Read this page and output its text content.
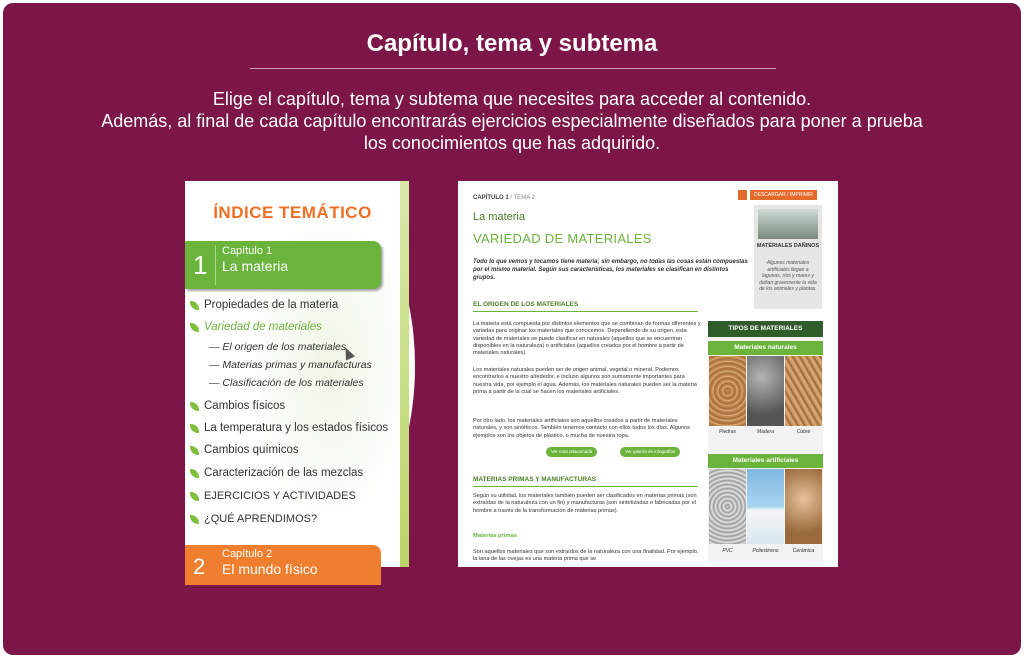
Capítulo, tema y subtema
Elige el capítulo, tema y subtema que necesites para acceder al contenido.
Además, al final de cada capítulo encontrarás ejercicios especialmente diseñados para poner a prueba
los conocimientos que has adquirido.
ÍNDICE TEMÁTICO
1 Capítulo 1
La materia
Propiedades de la materia
Variedad de materiales
— El origen de los materiales
— Materias primas y manufacturas
— Clasificación de los materiales
Cambios físicos
La temperatura y los estados físicos
Cambios químicos
Caracterización de las mezclas
EJERCICIOS Y ACTIVIDADES
¿QUÉ APRENDIMOS?
2 Capítulo 2
El mundo físico
CAPÍTULO 1 / TEMA 2	DESCARGAR / IMPRIMIR
La materia
VARIEDAD DE MATERIALES	MATERIALES DAÑINOS
Algunos materiales artificiales llegan a lagunas, ríos y mares y dañan gravemente la vida de los animales y plantas.
Todo lo que vemos y tocamos tiene materia; sin embargo, no todas las cosas están compuestas por el mismo material. Según sus características, los materiales se clasifican en distintos grupos.
EL ORIGEN DE LOS MATERIALES
La materia está compuesta por distintos elementos que se combinan de formas diferentes y variadas para originar los materiales que conocemos. Dependiendo de su origen, esta variedad de materiales se puede clasificar en naturales (aquellos que se encuentran disponibles en la naturaleza) o artificiales (aquellos creados por el hombre a partir de materiales naturales).
Los materiales naturales pueden ser de origen animal, vegetal o mineral. Podemos encontrarlos a nuestro alrededor, e incluso algunos son sumamente importantes para nuestra vida, por ejemplo el agua. Además, los materiales naturales pueden ser la materia prima a partir de la cual se hacen los materiales artificiales.
Por otro lado, los materiales artificiales son aquellos creados a partir de materiales naturales, y son sintéticos. También tenemos contacto con ellos todos los días. Algunos ejemplos son los objetos de plástico, o mucha de nuestra ropa.
Ver nota relacionada	Ver galería de infografías
MATERIAS PRIMAS Y MANUFACTURAS
Según su utilidad, los materiales también pueden ser clasificados en materias primas (son extraídas de la naturaleza con un fin) y manufacturas (son sintetizadas o fabricadas por el hombre a través de la transformación de materias primas).
Materias primas
Son aquellos materiales que son extraídos de la naturaleza con una finalidad. Por ejemplo, la lana de las ovejas es una materia prima que se
TIPOS DE MATERIALES
Materiales naturales
Piedras	Madera	Cobre
Materiales artificiales
PVC	Poliestireno	Cerámica
